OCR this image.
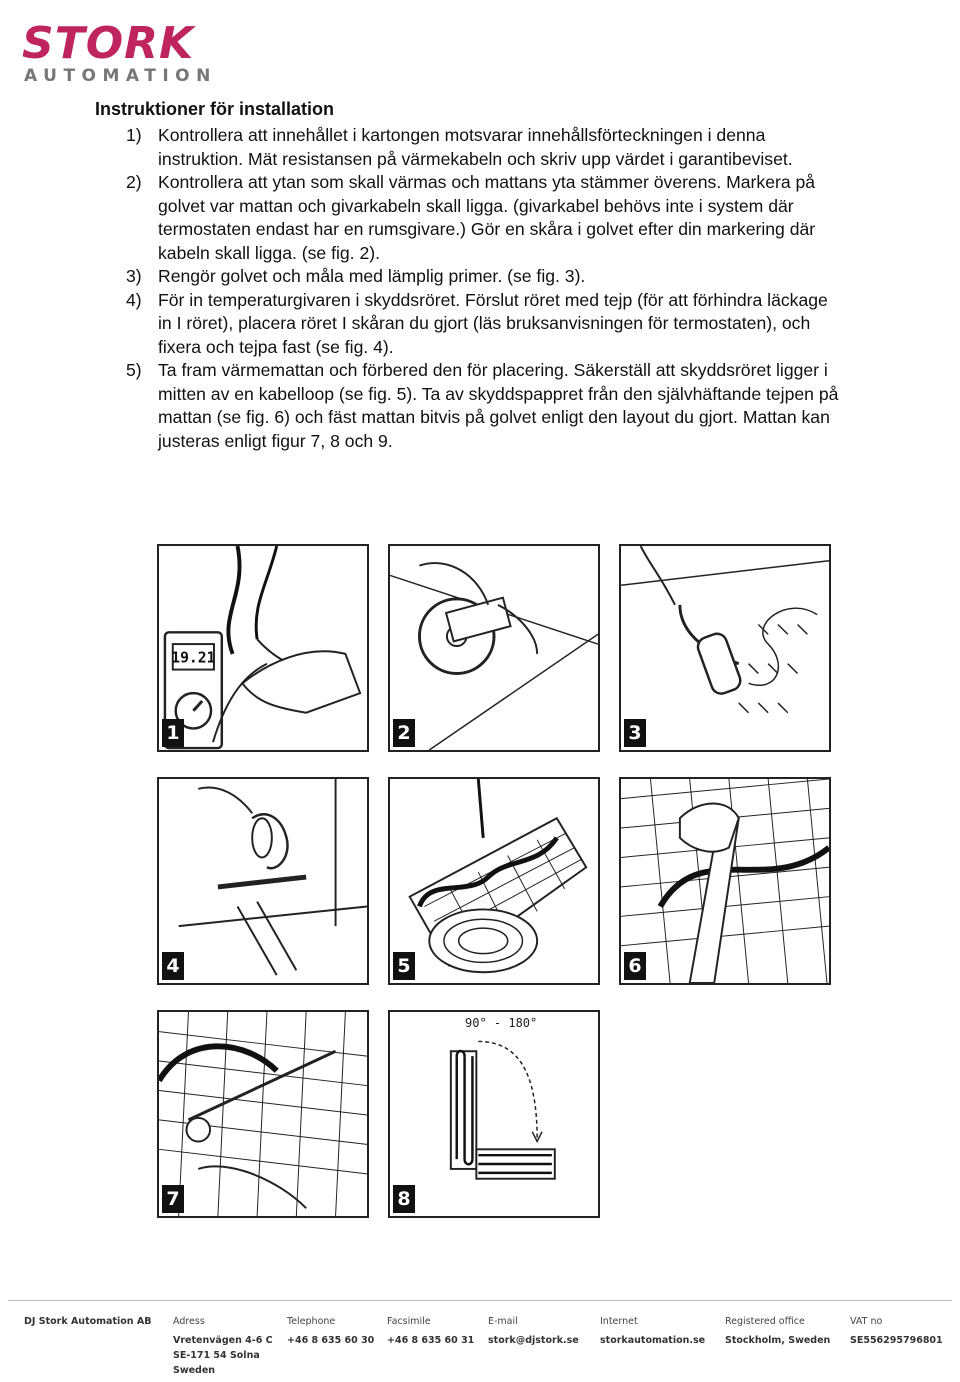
STORK
AUTOMATION
Instruktioner för installation
1) Kontrollera att innehållet i kartongen motsvarar innehållsförteckningen i denna instruktion. Mät resistansen på värmekabeln och skriv upp värdet i garantibeviset.
2) Kontrollera att ytan som skall värmas och mattans yta stämmer överens. Markera på golvet var mattan och givarkabeln skall ligga. (givarkabel behövs inte i system där termostaten endast har en rumsgivare.) Gör en skåra i golvet efter din markering där kabeln skall ligga. (se fig. 2).
3) Rengör golvet och måla med lämplig primer. (se fig. 3).
4) För in temperaturgivaren i skyddsröret. Förslut röret med tejp (för att förhindra läckage in I röret), placera röret I skåran du gjort (läs bruksanvisningen för termostaten), och fixera och tejpa fast (se fig. 4).
5) Ta fram värmemattan och förbered den för placering. Säkerställ att skyddsröret ligger i mitten av en kabelloop (se fig. 5). Ta av skyddspappret från den självhäftande tejpen på mattan (se fig. 6) och fäst mattan bitvis på golvet enligt den layout du gjort. Mattan kan justeras enligt figur 7, 8 och 9.
19.21
1	2	3
4	5	6
7	8
90° - 180°
DJ Stork Automation AB Adress
Vretenvägen 4-6 C
SE-171 54 Solna
Sweden
Telephone
+46 8 635 60 30
Facsimile
+46 8 635 60 31
E-mail
stork@djstork.se
Internet
storkautomation.se
Registered office
Stockholm, Sweden
VAT no
SE556295796801
